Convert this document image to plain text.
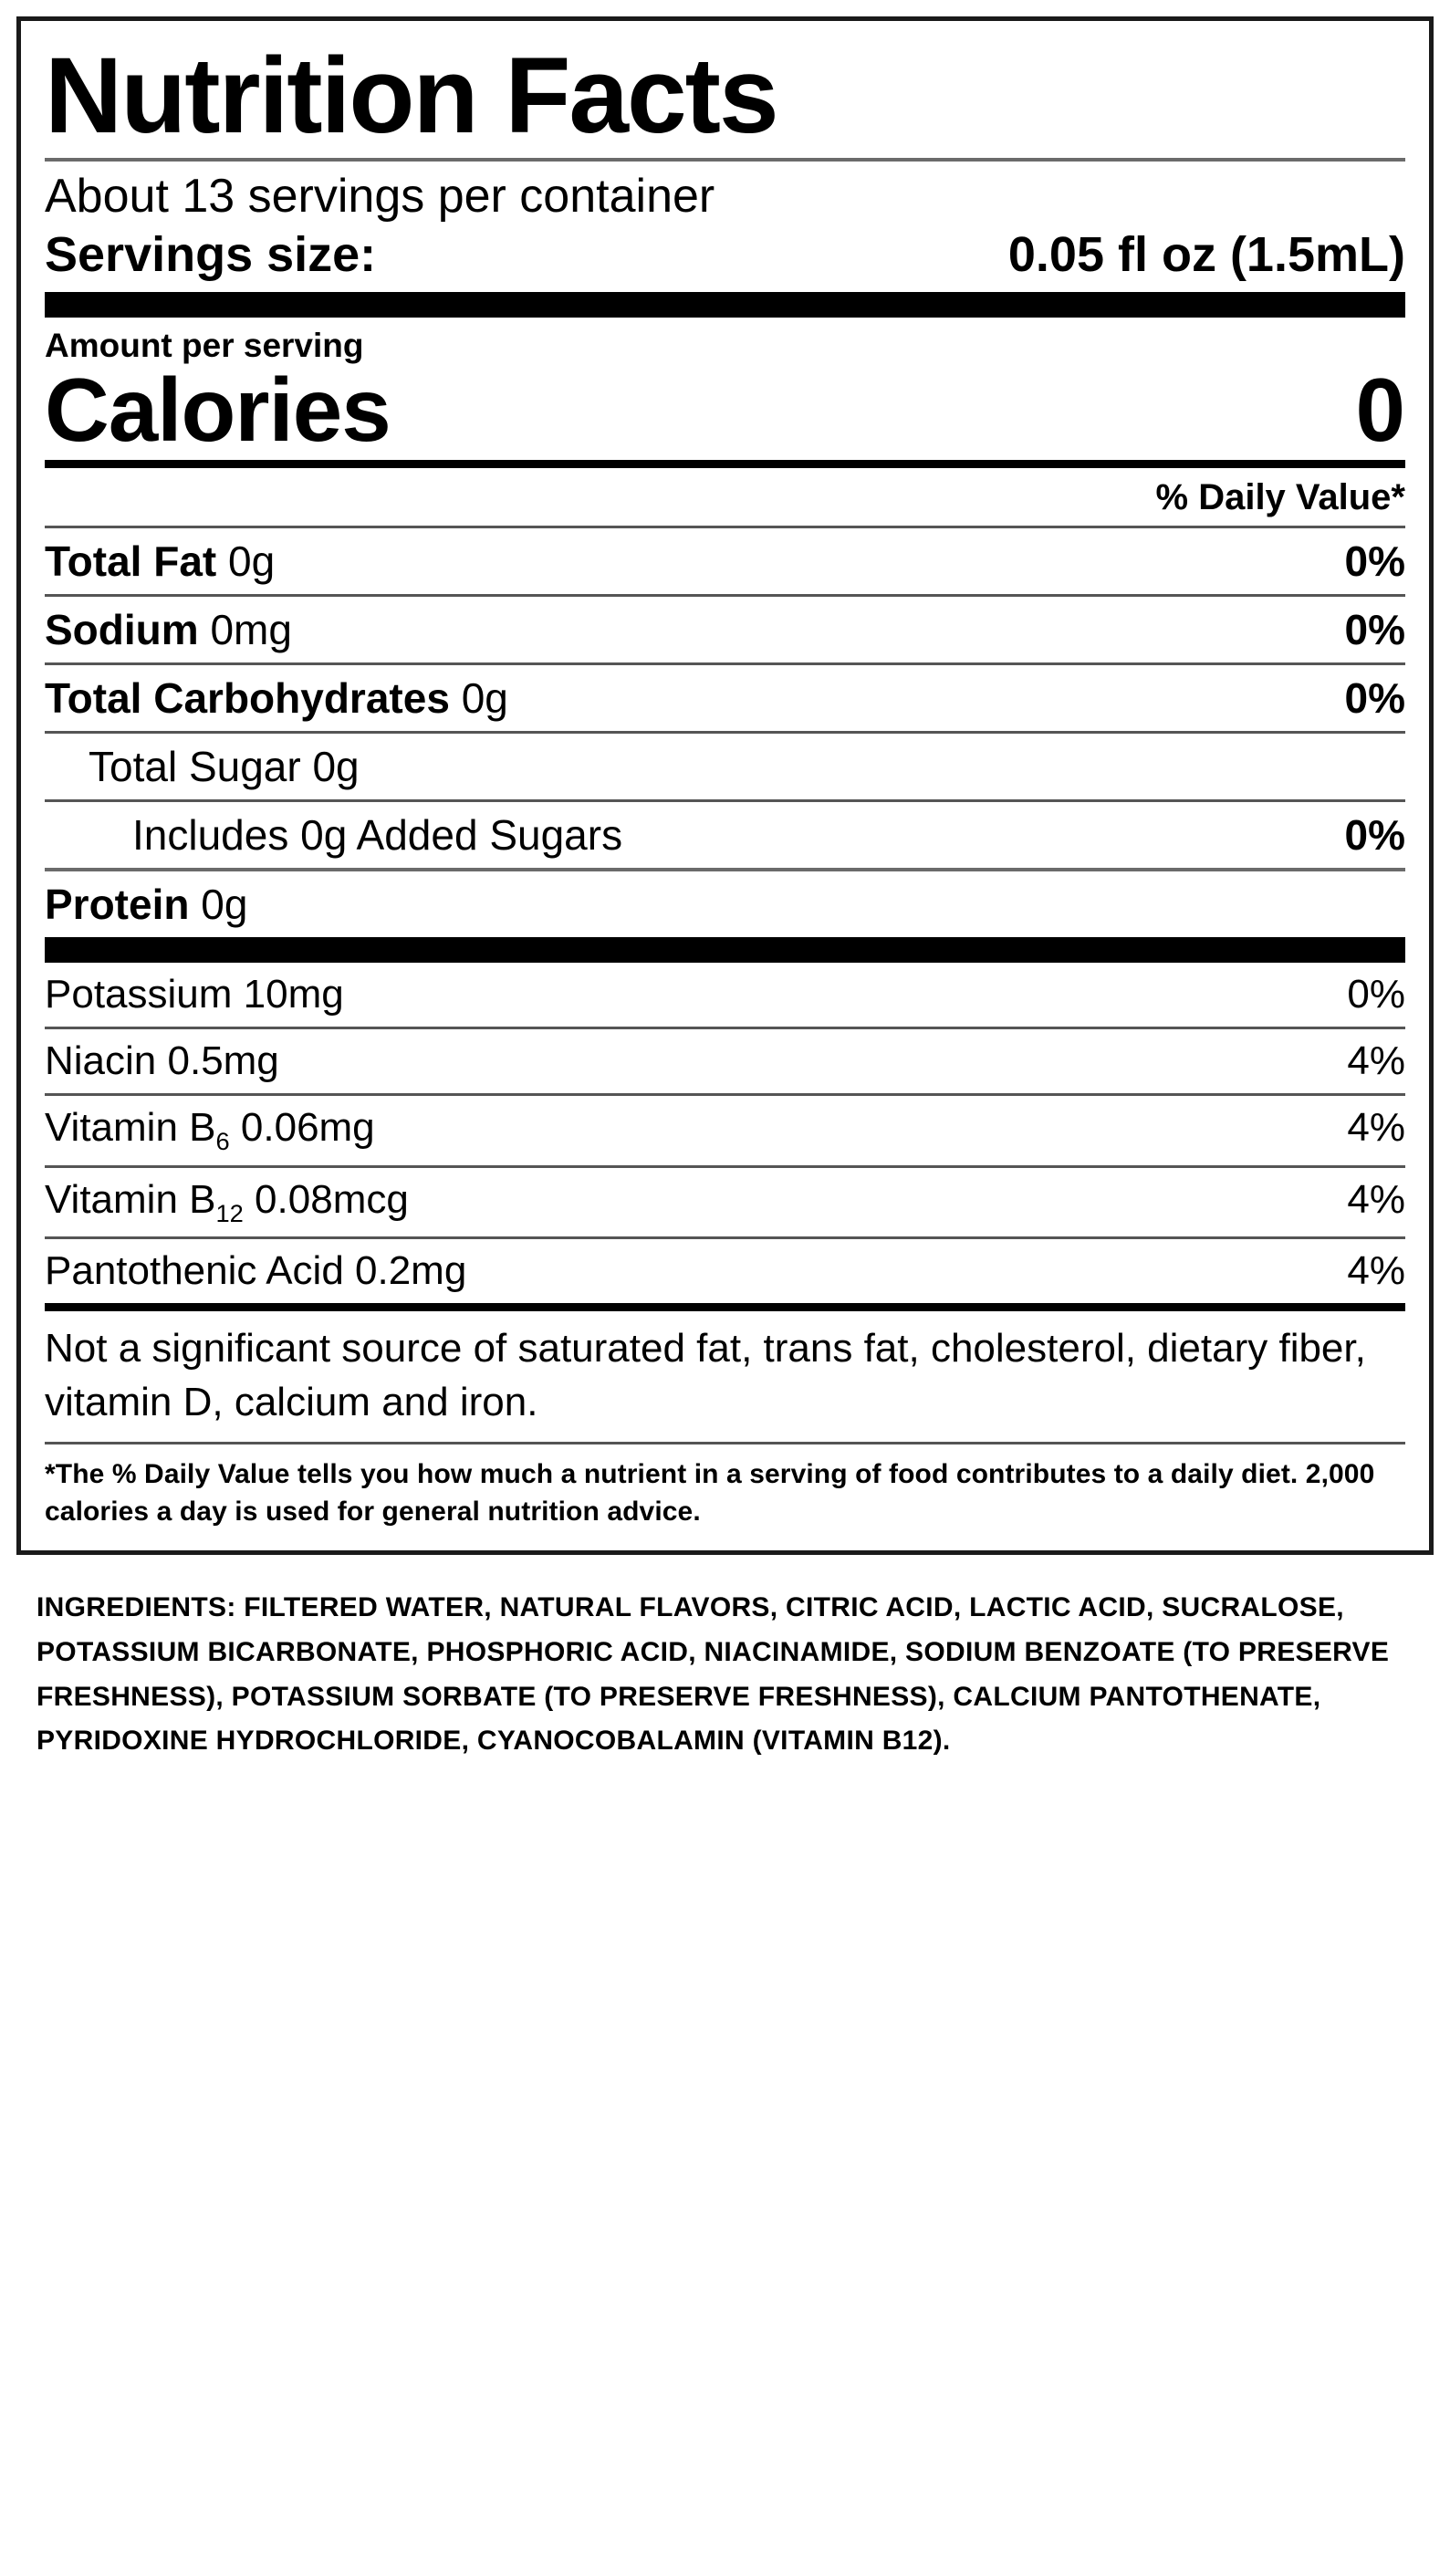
Nutrition Facts
About 13 servings per container
Servings size:	0.05 fl oz (1.5mL)
Amount per serving
Calories	0
% Daily Value*
Total Fat 0g	0%
Sodium 0mg	0%
Total Carbohydrates 0g	0%
Total Sugar 0g
Includes 0g Added Sugars	0%
Protein 0g
Potassium 10mg	0%
Niacin 0.5mg	4%
Vitamin $B_6$ 0.06mg	4%
Vitamin $B_{12}$ 0.08mcg	4%
Pantothenic Acid 0.2mg	4%
Not a significant source of saturated fat, trans fat, cholesterol, dietary fiber, vitamin D, calcium and iron.
*The % Daily Value tells you how much a nutrient in a serving of food contributes to a daily diet. 2,000 calories a day is used for general nutrition advice.
INGREDIENTS: FILTERED WATER, NATURAL FLAVORS, CITRIC ACID, LACTIC ACID, SUCRALOSE, POTASSIUM BICARBONATE, PHOSPHORIC ACID, NIACINAMIDE, SODIUM BENZOATE (TO PRESERVE FRESHNESS), POTASSIUM SORBATE (TO PRESERVE FRESHNESS), CALCIUM PANTOTHENATE, PYRIDOXINE HYDROCHLORIDE, CYANOCOBALAMIN (VITAMIN B12).
